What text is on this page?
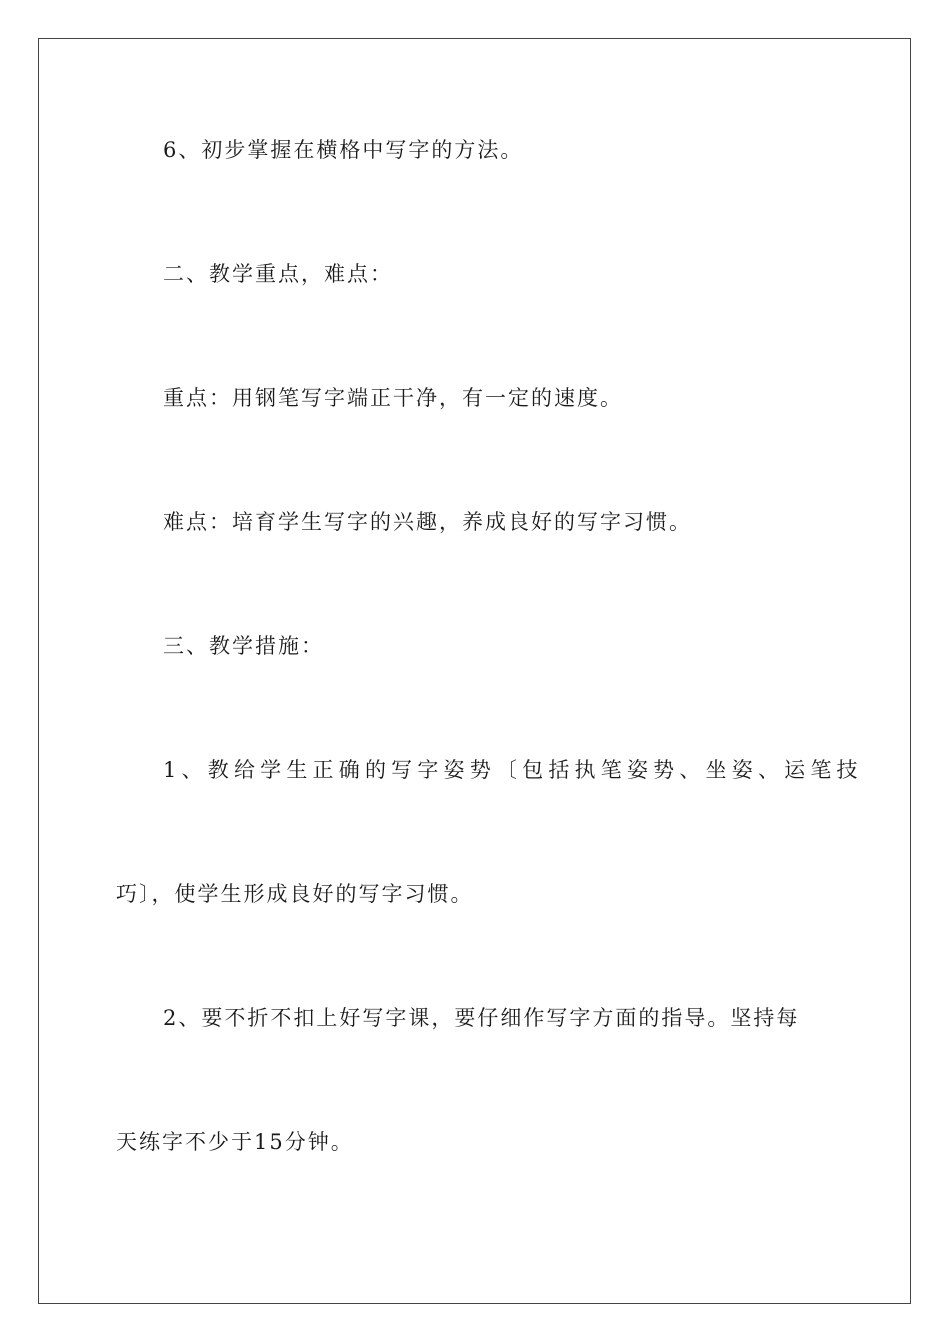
6、初步掌握在横格中写字的方法。
二、教学重点，难点：
重点：用钢笔写字端正干净，有一定的速度。
难点：培育学生写字的兴趣，养成良好的写字习惯。
三、教学措施：
1、教给学生正确的写字姿势〔包括执笔姿势、坐姿、运笔技
巧〕，使学生形成良好的写字习惯。
2、要不折不扣上好写字课，要仔细作写字方面的指导。坚持每
天练字不少于15分钟。
